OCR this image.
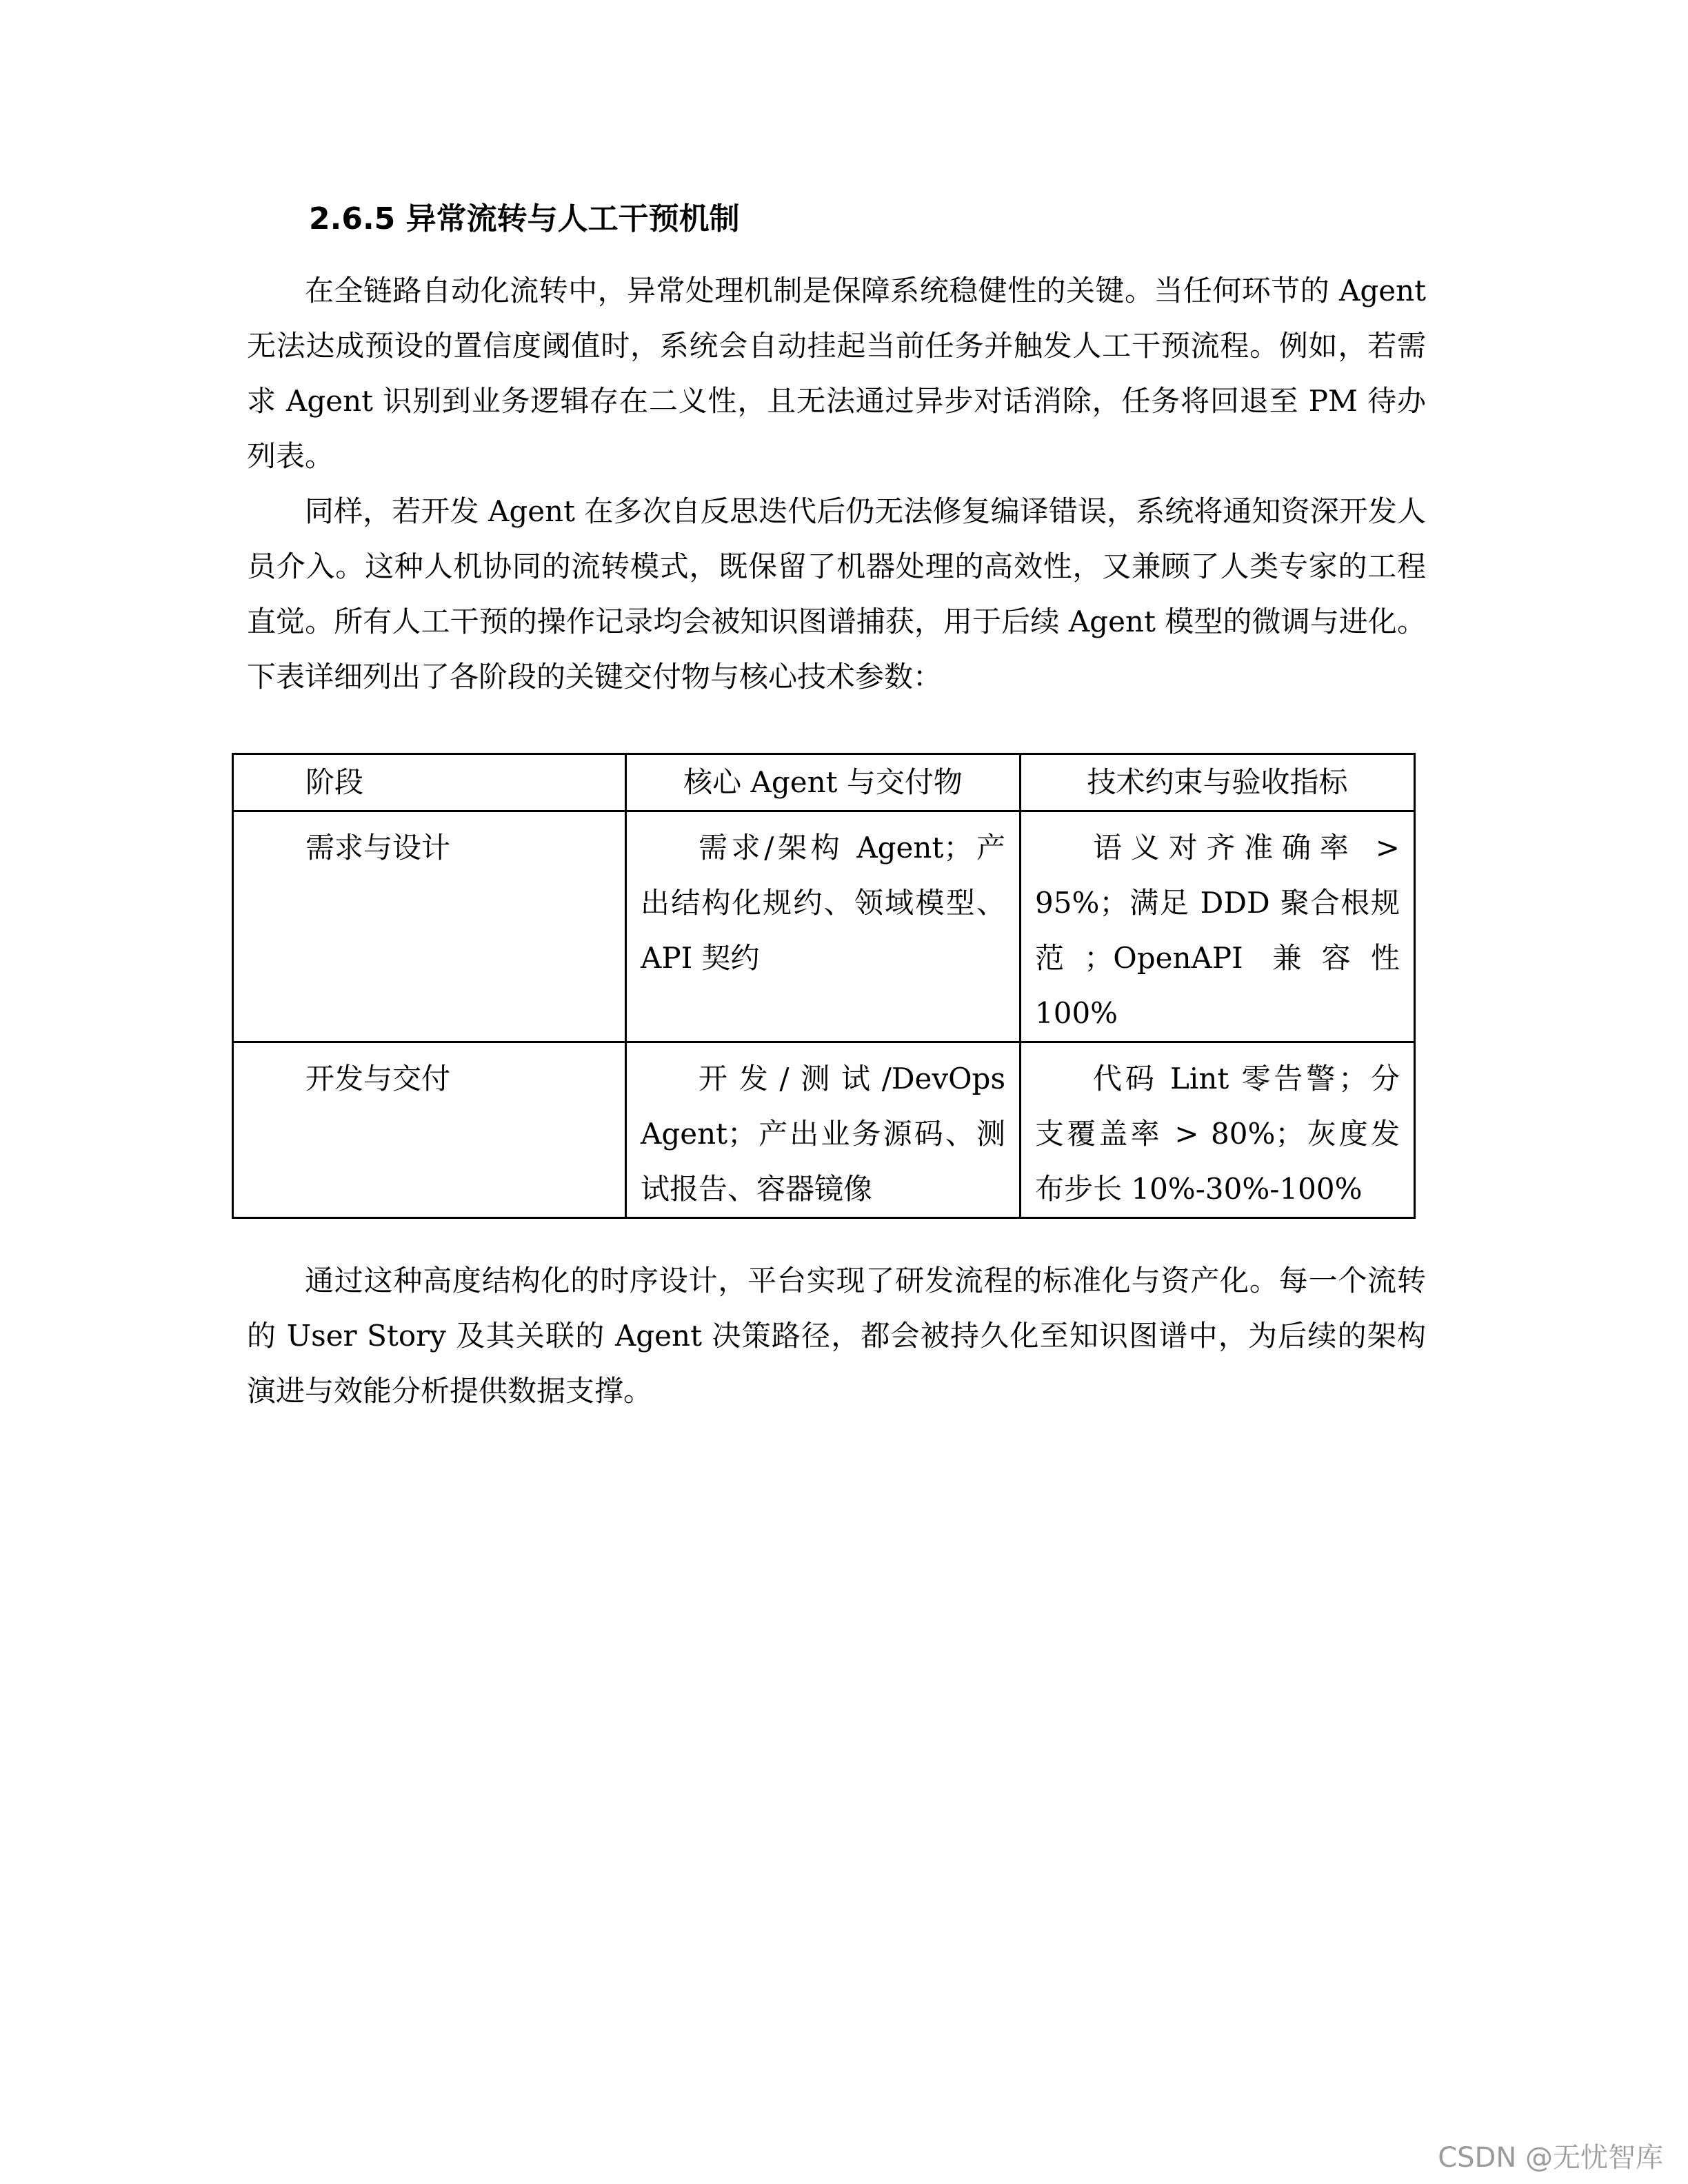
2.6.5 异常流转与人工干预机制

在全链路自动化流转中，异常处理机制是保障系统稳健性的关键。当任何环节的 Agent 无法达成预设的置信度阈值时，系统会自动挂起当前任务并触发人工干预流程。例如，若需求 Agent 识别到业务逻辑存在二义性，且无法通过异步对话消除，任务将回退至 PM 待办列表。

同样，若开发 Agent 在多次自反思迭代后仍无法修复编译错误，系统将通知资深开发人员介入。这种人机协同的流转模式，既保留了机器处理的高效性，又兼顾了人类专家的工程直觉。所有人工干预的操作记录均会被知识图谱捕获，用于后续 Agent 模型的微调与进化。下表详细列出了各阶段的关键交付物与核心技术参数：

阶段	核心 Agent 与交付物	技术约束与验收指标
需求与设计	需求/架构 Agent；产出结构化规约、领域模型、API 契约	语义对齐准确率 > 95%；满足 DDD 聚合根规范；OpenAPI 兼容性 100%
开发与交付	开发/测试/DevOps Agent；产出业务源码、测试报告、容器镜像	代码 Lint 零告警；分支覆盖率 > 80%；灰度发布步长 10%-30%-100%

通过这种高度结构化的时序设计，平台实现了研发流程的标准化与资产化。每一个流转的 User Story 及其关联的 Agent 决策路径，都会被持久化至知识图谱中，为后续的架构演进与效能分析提供数据支撑。

CSDN @无忧智库
